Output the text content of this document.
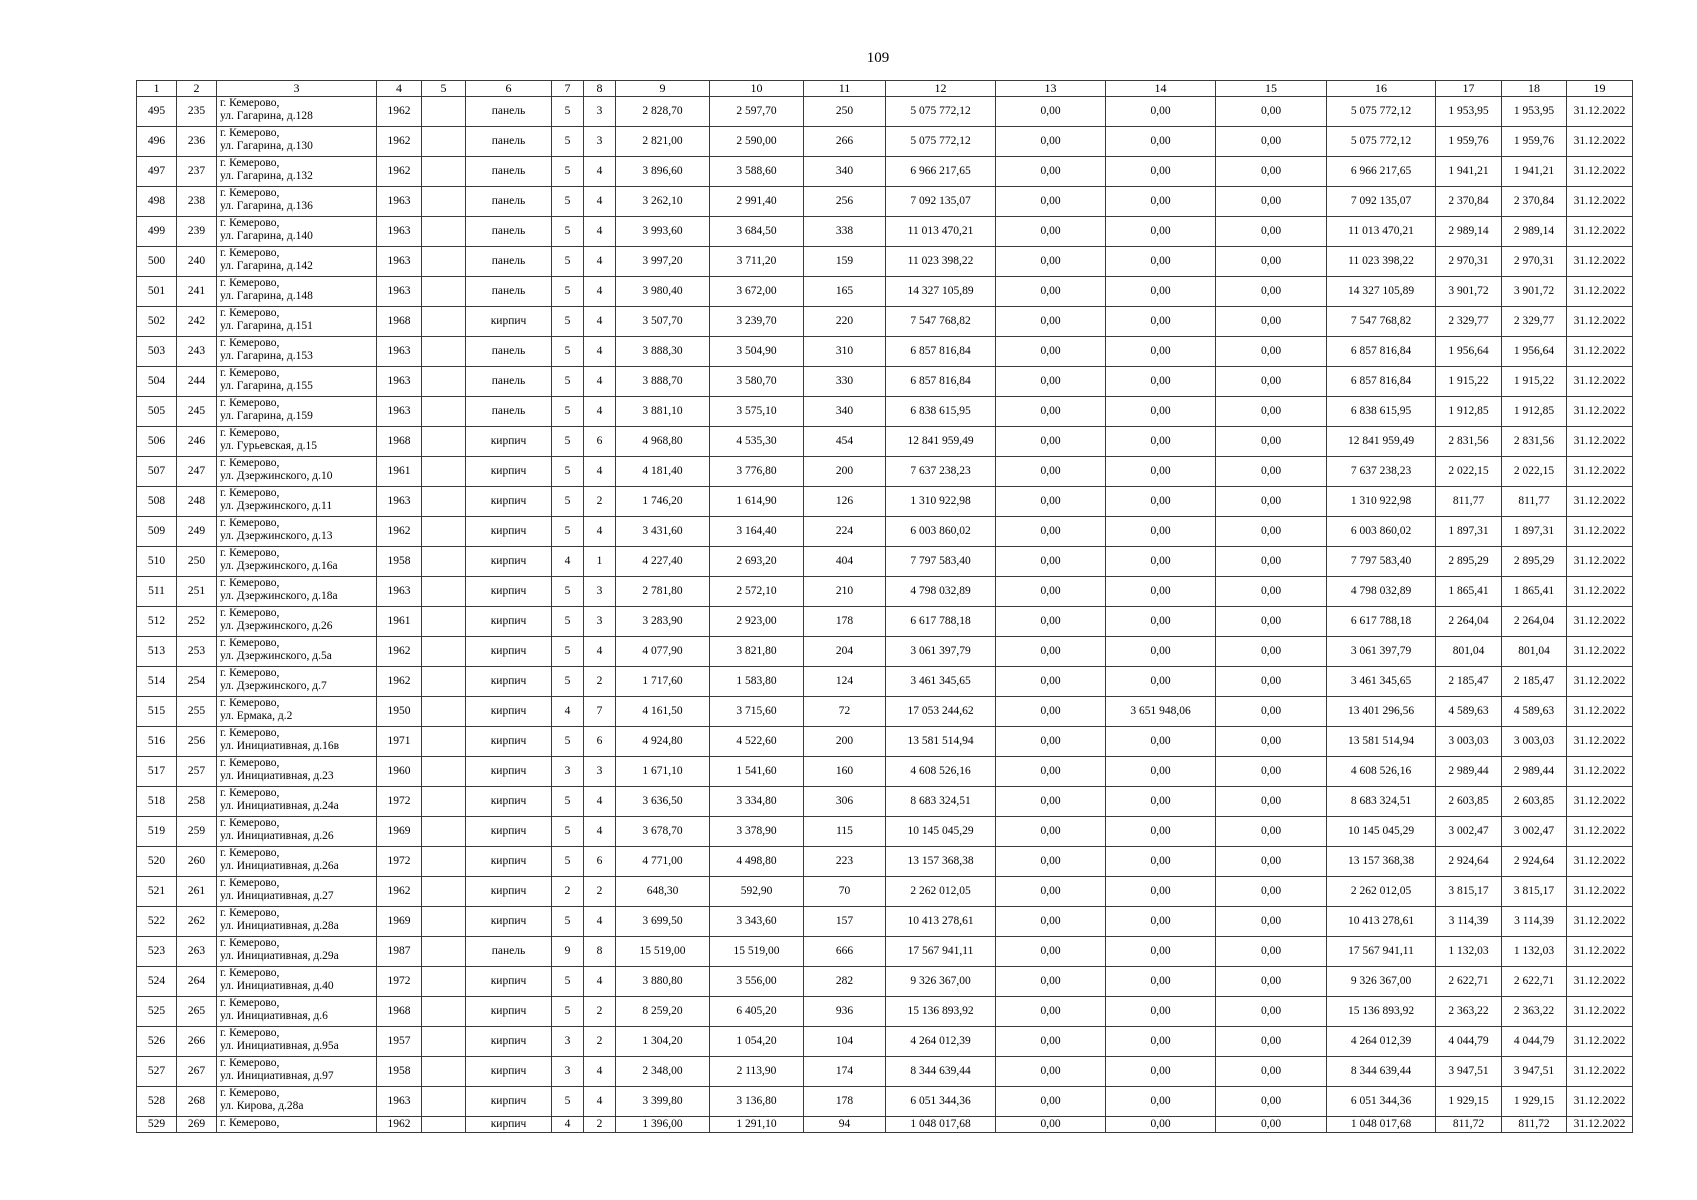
109
1	2	3	4	5	6	7	8	9	10	11	12	13	14	15	16	17	18	19
495	235	г. Кемерово,
ул. Гагарина, д.128	1962		панель	5	3	2 828,70	2 597,70	250	5 075 772,12	0,00	0,00	0,00	5 075 772,12	1 953,95	1 953,95	31.12.2022
496	236	г. Кемерово,
ул. Гагарина, д.130	1962		панель	5	3	2 821,00	2 590,00	266	5 075 772,12	0,00	0,00	0,00	5 075 772,12	1 959,76	1 959,76	31.12.2022
497	237	г. Кемерово,
ул. Гагарина, д.132	1962		панель	5	4	3 896,60	3 588,60	340	6 966 217,65	0,00	0,00	0,00	6 966 217,65	1 941,21	1 941,21	31.12.2022
498	238	г. Кемерово,
ул. Гагарина, д.136	1963		панель	5	4	3 262,10	2 991,40	256	7 092 135,07	0,00	0,00	0,00	7 092 135,07	2 370,84	2 370,84	31.12.2022
499	239	г. Кемерово,
ул. Гагарина, д.140	1963		панель	5	4	3 993,60	3 684,50	338	11 013 470,21	0,00	0,00	0,00	11 013 470,21	2 989,14	2 989,14	31.12.2022
500	240	г. Кемерово,
ул. Гагарина, д.142	1963		панель	5	4	3 997,20	3 711,20	159	11 023 398,22	0,00	0,00	0,00	11 023 398,22	2 970,31	2 970,31	31.12.2022
501	241	г. Кемерово,
ул. Гагарина, д.148	1963		панель	5	4	3 980,40	3 672,00	165	14 327 105,89	0,00	0,00	0,00	14 327 105,89	3 901,72	3 901,72	31.12.2022
502	242	г. Кемерово,
ул. Гагарина, д.151	1968		кирпич	5	4	3 507,70	3 239,70	220	7 547 768,82	0,00	0,00	0,00	7 547 768,82	2 329,77	2 329,77	31.12.2022
503	243	г. Кемерово,
ул. Гагарина, д.153	1963		панель	5	4	3 888,30	3 504,90	310	6 857 816,84	0,00	0,00	0,00	6 857 816,84	1 956,64	1 956,64	31.12.2022
504	244	г. Кемерово,
ул. Гагарина, д.155	1963		панель	5	4	3 888,70	3 580,70	330	6 857 816,84	0,00	0,00	0,00	6 857 816,84	1 915,22	1 915,22	31.12.2022
505	245	г. Кемерово,
ул. Гагарина, д.159	1963		панель	5	4	3 881,10	3 575,10	340	6 838 615,95	0,00	0,00	0,00	6 838 615,95	1 912,85	1 912,85	31.12.2022
506	246	г. Кемерово,
ул. Гурьевская, д.15	1968		кирпич	5	6	4 968,80	4 535,30	454	12 841 959,49	0,00	0,00	0,00	12 841 959,49	2 831,56	2 831,56	31.12.2022
507	247	г. Кемерово,
ул. Дзержинского, д.10	1961		кирпич	5	4	4 181,40	3 776,80	200	7 637 238,23	0,00	0,00	0,00	7 637 238,23	2 022,15	2 022,15	31.12.2022
508	248	г. Кемерово,
ул. Дзержинского, д.11	1963		кирпич	5	2	1 746,20	1 614,90	126	1 310 922,98	0,00	0,00	0,00	1 310 922,98	811,77	811,77	31.12.2022
509	249	г. Кемерово,
ул. Дзержинского, д.13	1962		кирпич	5	4	3 431,60	3 164,40	224	6 003 860,02	0,00	0,00	0,00	6 003 860,02	1 897,31	1 897,31	31.12.2022
510	250	г. Кемерово,
ул. Дзержинского, д.16а	1958		кирпич	4	1	4 227,40	2 693,20	404	7 797 583,40	0,00	0,00	0,00	7 797 583,40	2 895,29	2 895,29	31.12.2022
511	251	г. Кемерово,
ул. Дзержинского, д.18а	1963		кирпич	5	3	2 781,80	2 572,10	210	4 798 032,89	0,00	0,00	0,00	4 798 032,89	1 865,41	1 865,41	31.12.2022
512	252	г. Кемерово,
ул. Дзержинского, д.26	1961		кирпич	5	3	3 283,90	2 923,00	178	6 617 788,18	0,00	0,00	0,00	6 617 788,18	2 264,04	2 264,04	31.12.2022
513	253	г. Кемерово,
ул. Дзержинского, д.5а	1962		кирпич	5	4	4 077,90	3 821,80	204	3 061 397,79	0,00	0,00	0,00	3 061 397,79	801,04	801,04	31.12.2022
514	254	г. Кемерово,
ул. Дзержинского, д.7	1962		кирпич	5	2	1 717,60	1 583,80	124	3 461 345,65	0,00	0,00	0,00	3 461 345,65	2 185,47	2 185,47	31.12.2022
515	255	г. Кемерово,
ул. Ермака, д.2	1950		кирпич	4	7	4 161,50	3 715,60	72	17 053 244,62	0,00	3 651 948,06	0,00	13 401 296,56	4 589,63	4 589,63	31.12.2022
516	256	г. Кемерово,
ул. Инициативная, д.16в	1971		кирпич	5	6	4 924,80	4 522,60	200	13 581 514,94	0,00	0,00	0,00	13 581 514,94	3 003,03	3 003,03	31.12.2022
517	257	г. Кемерово,
ул. Инициативная, д.23	1960		кирпич	3	3	1 671,10	1 541,60	160	4 608 526,16	0,00	0,00	0,00	4 608 526,16	2 989,44	2 989,44	31.12.2022
518	258	г. Кемерово,
ул. Инициативная, д.24а	1972		кирпич	5	4	3 636,50	3 334,80	306	8 683 324,51	0,00	0,00	0,00	8 683 324,51	2 603,85	2 603,85	31.12.2022
519	259	г. Кемерово,
ул. Инициативная, д.26	1969		кирпич	5	4	3 678,70	3 378,90	115	10 145 045,29	0,00	0,00	0,00	10 145 045,29	3 002,47	3 002,47	31.12.2022
520	260	г. Кемерово,
ул. Инициативная, д.26а	1972		кирпич	5	6	4 771,00	4 498,80	223	13 157 368,38	0,00	0,00	0,00	13 157 368,38	2 924,64	2 924,64	31.12.2022
521	261	г. Кемерово,
ул. Инициативная, д.27	1962		кирпич	2	2	648,30	592,90	70	2 262 012,05	0,00	0,00	0,00	2 262 012,05	3 815,17	3 815,17	31.12.2022
522	262	г. Кемерово,
ул. Инициативная, д.28а	1969		кирпич	5	4	3 699,50	3 343,60	157	10 413 278,61	0,00	0,00	0,00	10 413 278,61	3 114,39	3 114,39	31.12.2022
523	263	г. Кемерово,
ул. Инициативная, д.29а	1987		панель	9	8	15 519,00	15 519,00	666	17 567 941,11	0,00	0,00	0,00	17 567 941,11	1 132,03	1 132,03	31.12.2022
524	264	г. Кемерово,
ул. Инициативная, д.40	1972		кирпич	5	4	3 880,80	3 556,00	282	9 326 367,00	0,00	0,00	0,00	9 326 367,00	2 622,71	2 622,71	31.12.2022
525	265	г. Кемерово,
ул. Инициативная, д.6	1968		кирпич	5	2	8 259,20	6 405,20	936	15 136 893,92	0,00	0,00	0,00	15 136 893,92	2 363,22	2 363,22	31.12.2022
526	266	г. Кемерово,
ул. Инициативная, д.95а	1957		кирпич	3	2	1 304,20	1 054,20	104	4 264 012,39	0,00	0,00	0,00	4 264 012,39	4 044,79	4 044,79	31.12.2022
527	267	г. Кемерово,
ул. Инициативная, д.97	1958		кирпич	3	4	2 348,00	2 113,90	174	8 344 639,44	0,00	0,00	0,00	8 344 639,44	3 947,51	3 947,51	31.12.2022
528	268	г. Кемерово,
ул. Кирова, д.28а	1963		кирпич	5	4	3 399,80	3 136,80	178	6 051 344,36	0,00	0,00	0,00	6 051 344,36	1 929,15	1 929,15	31.12.2022
529	269	г. Кемерово,	1962		кирпич	4	2	1 396,00	1 291,10	94	1 048 017,68	0,00	0,00	0,00	1 048 017,68	811,72	811,72	31.12.2022
